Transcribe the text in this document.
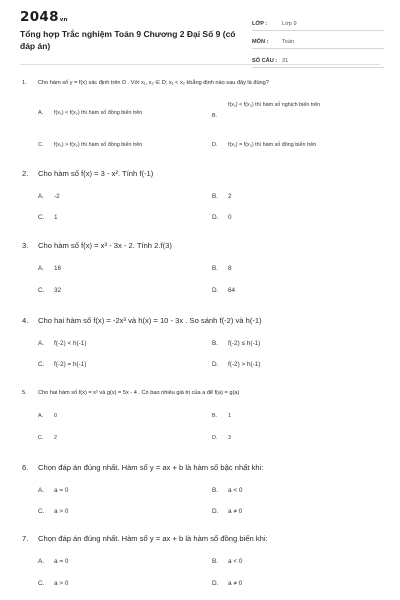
2048vn
Tổng hợp Trắc nghiệm Toán 9 Chương 2 Đại Số 9 (có đáp án)
LỚP :	Lớp 9
MÔN :	Toán
SỐ CÂU : 31
1.	Cho hàm số y = f(x) xác định trên D . Với x₁, x₂ ∈ D; x₁ < x₂ khẳng định nào sau đây là đúng?
A.	f(x₁) < f(x₂) thì hàm số đồng biến trên	B.
f(x₁) < f(x₂) thì hàm số nghịch biến trên
C.	f(x₁) > f(x₂) thì hàm số đồng biến trên	D.	f(x₁) = f(x₂) thì hàm số đồng biến trên
2.	Cho hàm số f(x) = 3 - x². Tính f(-1)
A.	-2	B.	2
C.	1	D.	0
3.	Cho hàm số f(x) = x³ - 3x - 2. Tính 2.f(3)
A.	16	B.	8
C.	32	D.	64
4.	Cho hai hàm số f(x) = -2x³ và h(x) = 10 - 3x . So sánh f(-2) và h(-1)
A.	f(-2) < h(-1)	B.	f(-2) ≤ h(-1)
C.	f(-2) = h(-1)	D.	f(-2) > h(-1)
5.	Cho hai hàm số f(x) = x² và g(x) = 5x - 4 . Có bao nhiêu giá trị của a để f(a) = g(a)
A.	0	B.	1
C.	2	D.	3
6.	Chọn đáp án đúng nhất. Hàm số y = ax + b là hàm số bậc nhất khi:
A.	a = 0	B.	a < 0
C.	a > 0	D.	a ≠ 0
7.	Chọn đáp án đúng nhất. Hàm số y = ax + b là hàm số đồng biến khi:
A.	a = 0	B.	a < 0
C.	a > 0	D.	a ≠ 0
